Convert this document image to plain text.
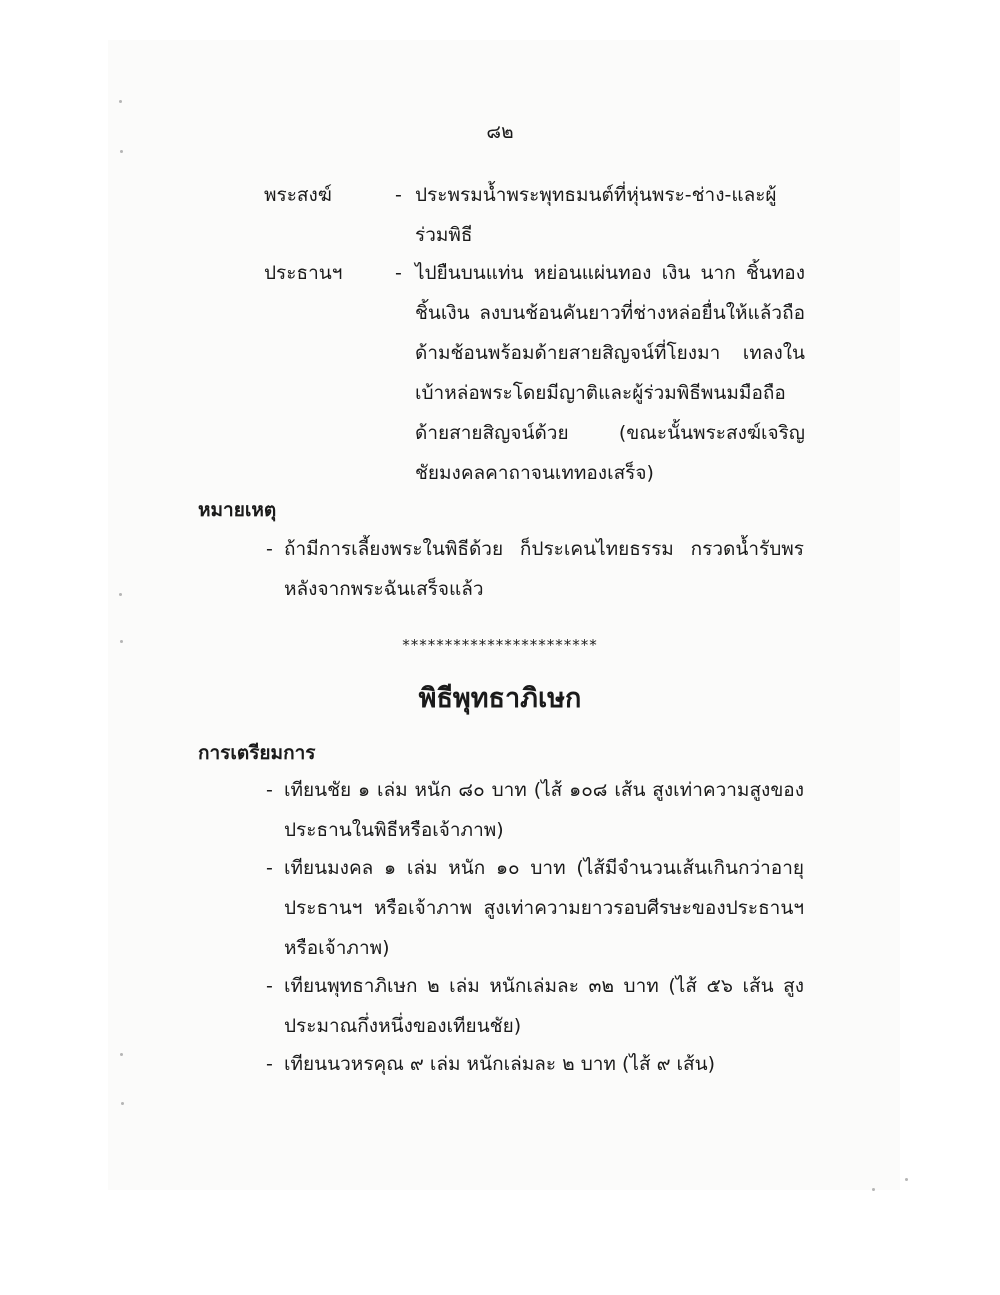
๘๒
พระสงฆ์	- ประพรมน้ำพระพุทธมนต์ที่หุ่นพระ-ช่าง-และผู้ร่วมพิธี
ประธานฯ	- ไปยืนบนแท่น หย่อนแผ่นทอง เงิน นาก ชิ้นทอง ชิ้นเงิน ลงบนช้อนคันยาวที่ช่างหล่อยื่นให้แล้วถือด้ามช้อนพร้อมด้ายสายสิญจน์ที่โยงมา เทลงในเบ้าหล่อพระโดยมีญาติและผู้ร่วมพิธีพนมมือถือด้ายสายสิญจน์ด้วย (ขณะนั้นพระสงฆ์เจริญชัยมงคลคาถาจนเททองเสร็จ)
หมายเหตุ
- ถ้ามีการเลี้ยงพระในพิธีด้วย ก็ประเคนไทยธรรม กรวดน้ำรับพรหลังจากพระฉันเสร็จแล้ว
***********************
พิธีพุทธาภิเษก
การเตรียมการ
- เทียนชัย ๑ เล่ม หนัก ๘๐ บาท (ไส้ ๑๐๘ เส้น สูงเท่าความสูงของประธานในพิธีหรือเจ้าภาพ)
- เทียนมงคล ๑ เล่ม หนัก ๑๐ บาท (ไส้มีจำนวนเส้นเกินกว่าอายุประธานฯ หรือเจ้าภาพ สูงเท่าความยาวรอบศีรษะของประธานฯ หรือเจ้าภาพ)
- เทียนพุทธาภิเษก ๒ เล่ม หนักเล่มละ ๓๒ บาท (ไส้ ๕๖ เส้น สูงประมาณกึ่งหนึ่งของเทียนชัย)
- เทียนนวหรคุณ ๙ เล่ม หนักเล่มละ ๒ บาท (ไส้ ๙ เส้น)
